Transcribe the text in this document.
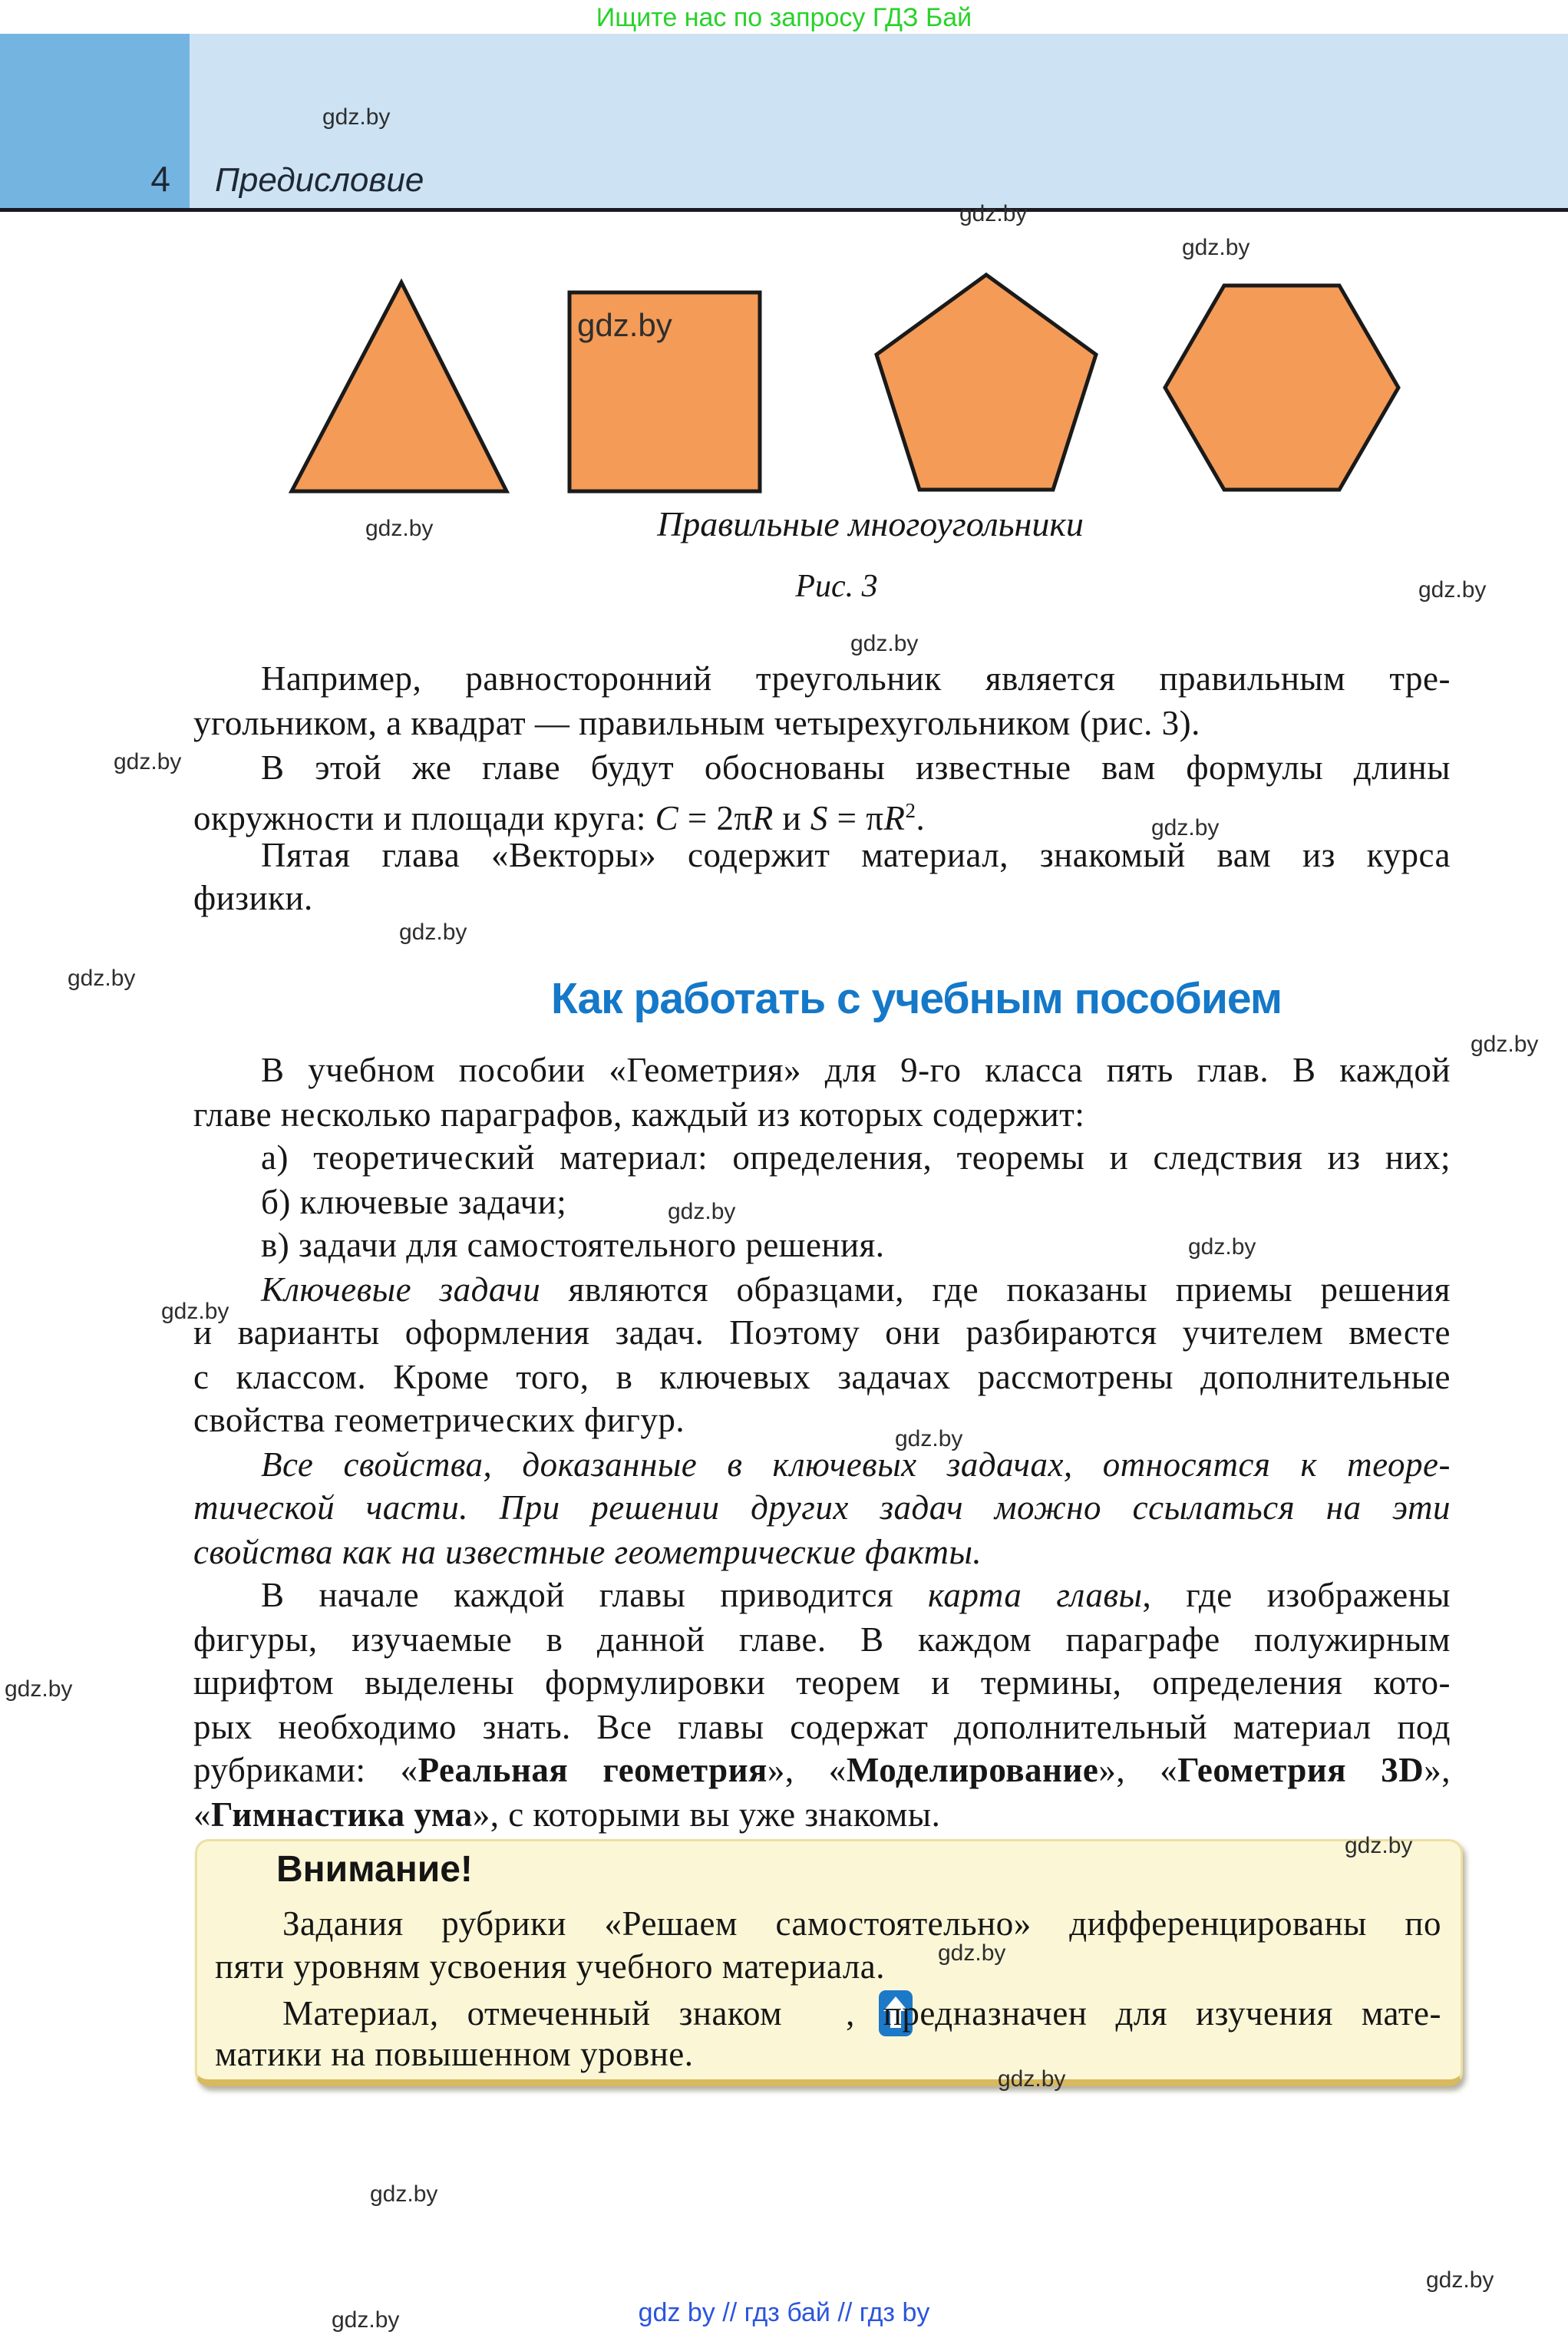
Ищите нас по запросу ГДЗ Бай
4 Предисловие
Правильные многоугольники
Рис. 3
Как работать с учебным пособием
Внимание!
Например, равносторонний треугольник является правильным тре-
угольником, а квадрат — правильным четырехугольником (рис. 3).
В этой же главе будут обоснованы известные вам формулы длины
окружности и площади круга: C = 2πR и $S = \pi R^2$.
Пятая глава «Векторы» содержит материал, знакомый вам из курса
физики.
В учебном пособии «Геометрия» для 9-го класса пять глав. В каждой
главе несколько параграфов, каждый из которых содержит:
а) теоретический материал: определения, теоремы и следствия из них;
б) ключевые задачи;
в) задачи для самостоятельного решения.
Ключевые задачи являются образцами, где показаны приемы решения
и варианты оформления задач. Поэтому они разбираются учителем вместе
с классом. Кроме того, в ключевых задачах рассмотрены дополнительные
свойства геометрических фигур.
Все свойства, доказанные в ключевых задачах, относятся к теоре-
тической части. При решении других задач можно ссылаться на эти
свойства как на известные геометрические факты.
В начале каждой главы приводится карта главы, где изображены
фигуры, изучаемые в данной главе. В каждом параграфе полужирным
шрифтом выделены формулировки теорем и термины, определения кото-
рых необходимо знать. Все главы содержат дополнительный материал под
рубриками: «Реальная геометрия», «Моделирование», «Геометрия 3D»,
«Гимнастика ума», с которыми вы уже знакомы.
Задания рубрики «Решаем самостоятельно» дифференцированы по
пяти уровням усвоения учебного материала.
Материал, отмеченный знаком , предназначен для изучения мате-
матики на повышенном уровне.
gdz.by
gdz.by
gdz.by
gdz.by
gdz.by
gdz.by
gdz.by
gdz.by
gdz.by
gdz.by
gdz.by
gdz.by
gdz.by
gdz.by
gdz.by
gdz.by
gdz.by
gdz.by
gdz.by
gdz.by
gdz.by
gdz.by
gdz.by	gdz by // гдз бай // гдз by
